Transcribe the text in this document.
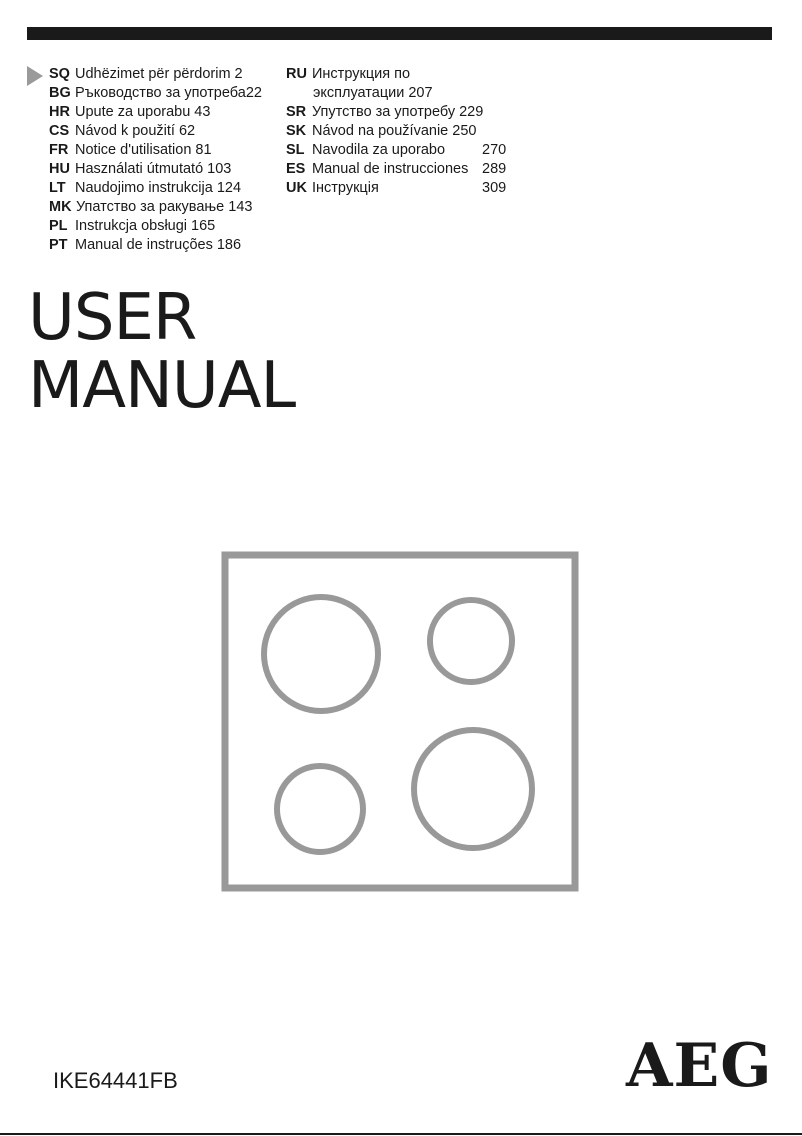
SQ Udhëzimet për përdorim 2
BG Ръководство за употреба 22
HR Upute za uporabu 43
CS Návod k použití 62
FR Notice d'utilisation 81
HU Használati útmutató 103
LT Naudojimo instrukcija 124
MK Упатство за ракување 143
PL Instrukcja obsługi 165
PT Manual de instruções 186
RU Инструкция по
эксплуатации 207
SR Упутство за употребу 229
SK Návod na používanie 250
SL Navodila za uporabo	270
ES Manual de instrucciones 289
UK Інструкція	309
USER
MANUAL
IKE64441FB	AEG
